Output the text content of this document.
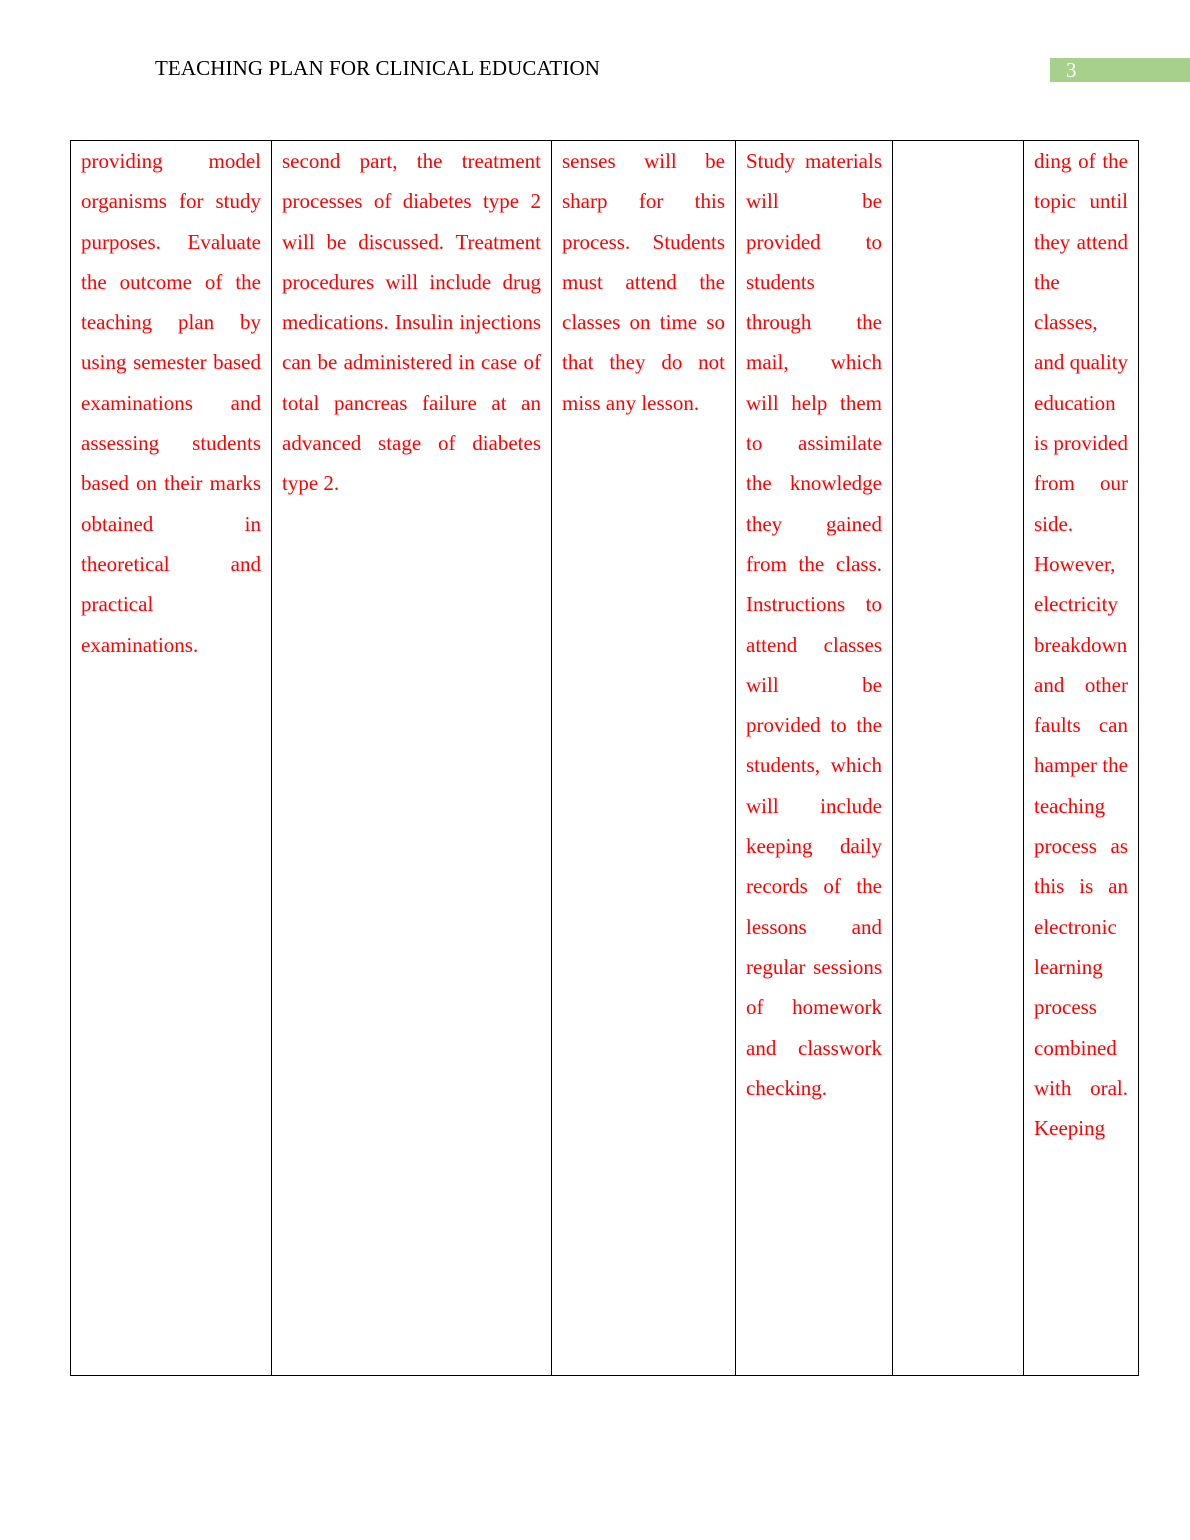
TEACHING PLAN FOR CLINICAL EDUCATION	3
providing model organisms for study purposes. Evaluate the outcome of the teaching plan by using semester based examinations and assessing students based on their marks obtained in theoretical and practical examinations.	second part, the treatment processes of diabetes type 2 will be discussed. Treatment procedures will include drug medications. Insulin injections can be administered in case of total pancreas failure at an advanced stage of diabetes type 2.	senses will be sharp for this process. Students must attend the classes on time so that they do not miss any lesson.	Study materials will be provided to students through the mail, which will help them to assimilate the knowledge they gained from the class. Instructions to attend classes will be provided to the students, which will include keeping daily records of the lessons and regular sessions of homework and classwork checking.		ding of the topic until they attend the classes, and quality education is provided from our side. However, electricity breakdown and other faults can hamper the teaching process as this is an electronic learning process combined with oral. Keeping
